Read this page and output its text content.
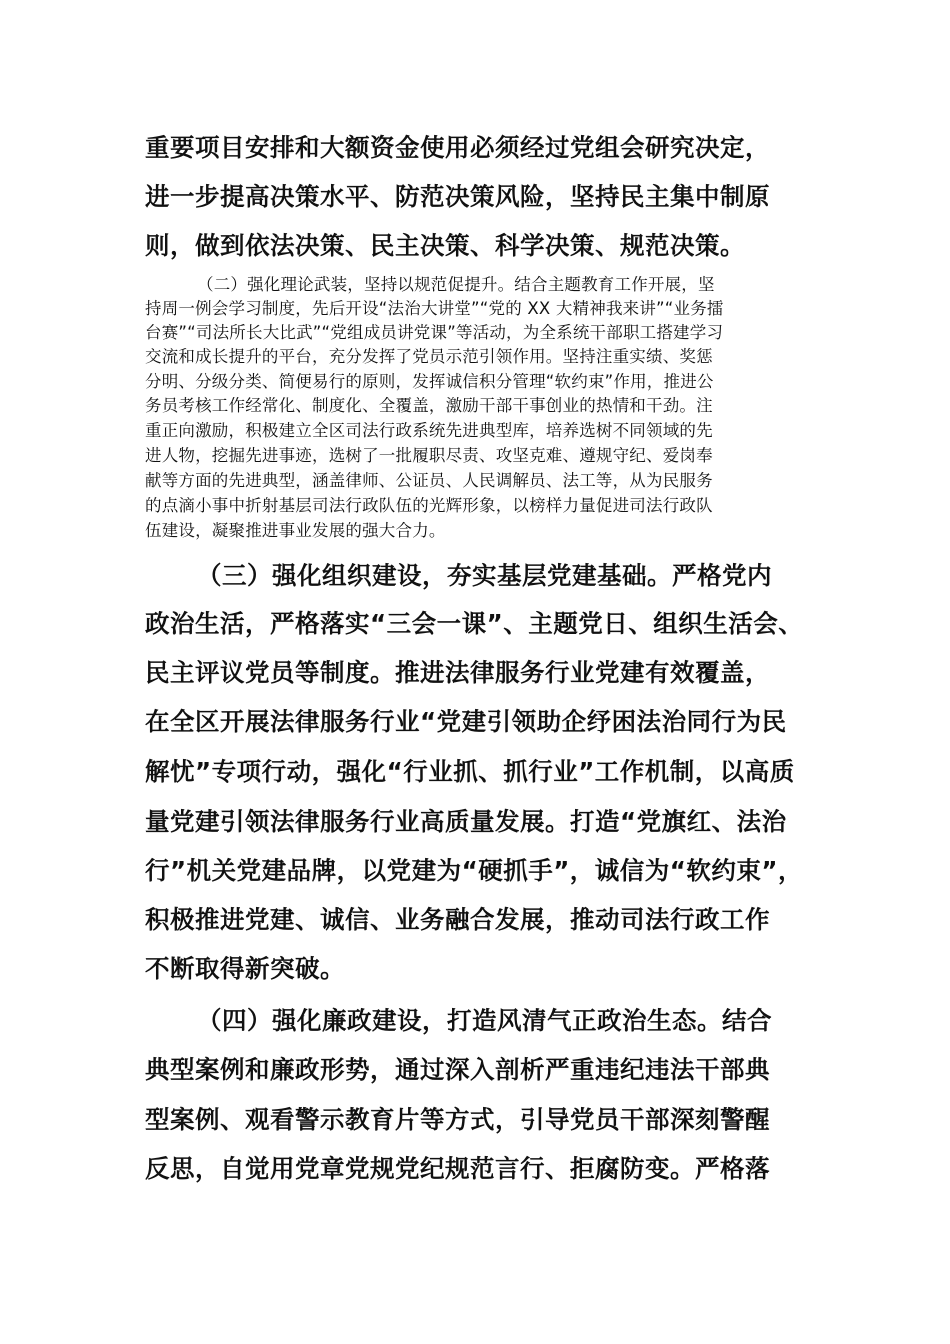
重要项目安排和大额资金使用必须经过党组会研究决定，
进一步提高决策水平、防范决策风险，坚持民主集中制原
则，做到依法决策、民主决策、科学决策、规范决策。
（二）强化理论武装，坚持以规范促提升。结合主题教育工作开展，坚
持周一例会学习制度，先后开设“法治大讲堂”“党的 XX 大精神我来讲”“业务擂
台赛”“司法所长大比武”“党组成员讲党课”等活动，为全系统干部职工搭建学习
交流和成长提升的平台，充分发挥了党员示范引领作用。坚持注重实绩、奖惩
分明、分级分类、简便易行的原则，发挥诚信积分管理“软约束”作用，推进公
务员考核工作经常化、制度化、全覆盖，激励干部干事创业的热情和干劲。注
重正向激励，积极建立全区司法行政系统先进典型库，培养选树不同领域的先
进人物，挖掘先进事迹，选树了一批履职尽责、攻坚克难、遵规守纪、爱岗奉
献等方面的先进典型，涵盖律师、公证员、人民调解员、法工等，从为民服务
的点滴小事中折射基层司法行政队伍的光辉形象，以榜样力量促进司法行政队
伍建设，凝聚推进事业发展的强大合力。
（三）强化组织建设，夯实基层党建基础。严格党内
政治生活，严格落实“三会一课”、主题党日、组织生活会、
民主评议党员等制度。推进法律服务行业党建有效覆盖，
在全区开展法律服务行业“党建引领助企纾困法治同行为民
解忧”专项行动，强化“行业抓、抓行业”工作机制，以高质
量党建引领法律服务行业高质量发展。打造“党旗红、法治
行”机关党建品牌，以党建为“硬抓手”，诚信为“软约束”，
积极推进党建、诚信、业务融合发展，推动司法行政工作
不断取得新突破。
（四）强化廉政建设，打造风清气正政治生态。结合
典型案例和廉政形势，通过深入剖析严重违纪违法干部典
型案例、观看警示教育片等方式，引导党员干部深刻警醒
反思，自觉用党章党规党纪规范言行、拒腐防变。严格落
